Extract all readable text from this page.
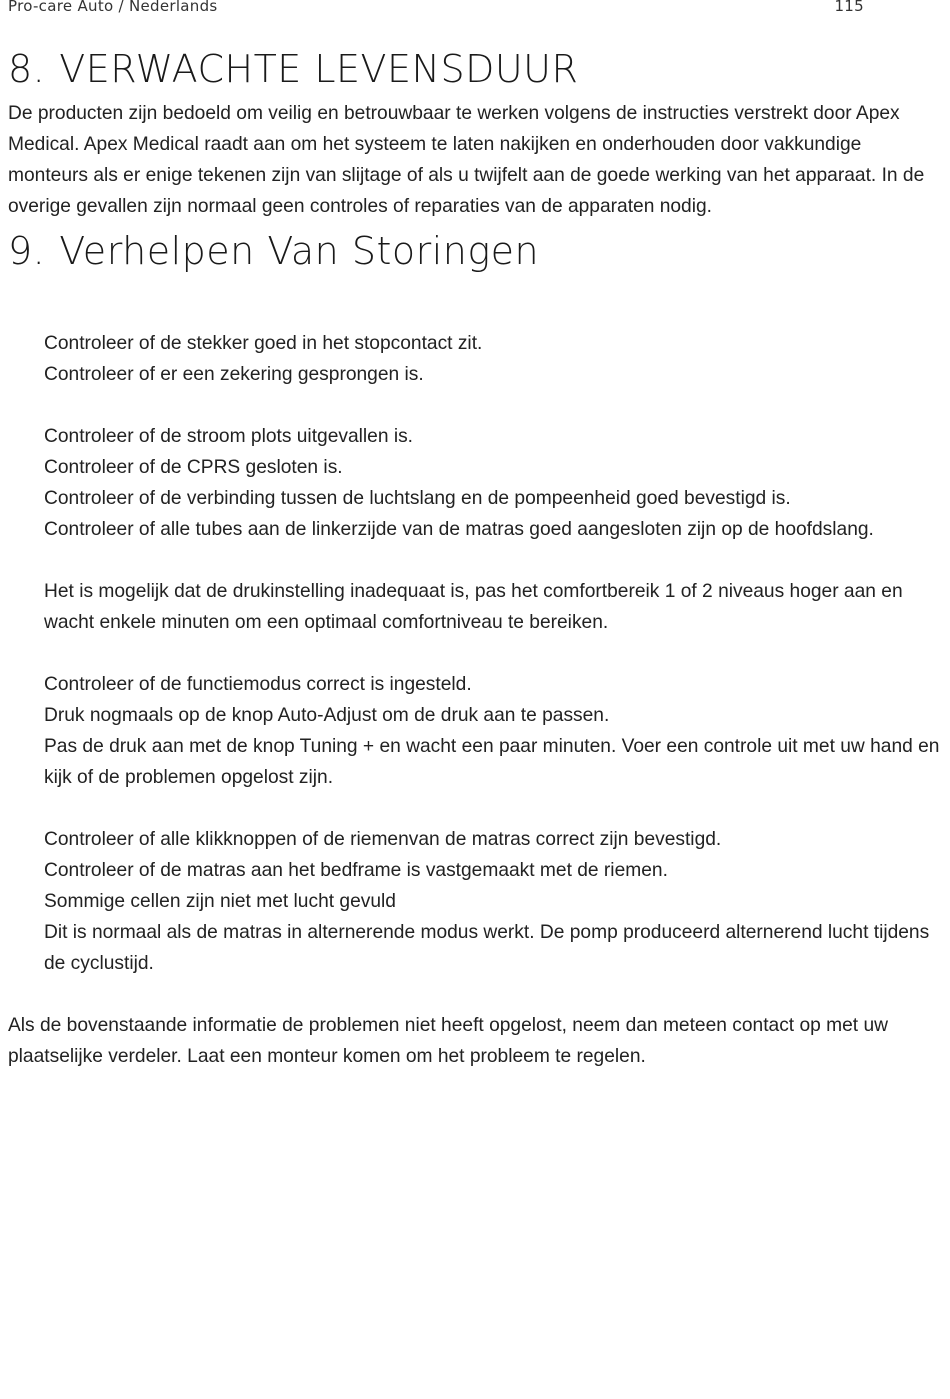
Pro-care Auto / Nederlands	115
8. VERWACHTE LEVENSDUUR

De producten zijn bedoeld om veilig en betrouwbaar te werken volgens de instructies verstrekt door Apex Medical. Apex Medical raadt aan om het systeem te laten nakijken en onderhouden door vakkundige monteurs als er enige tekenen zijn van slijtage of als u twijfelt aan de goede werking van het apparaat. In de overige gevallen zijn normaal geen controles of reparaties van de apparaten nodig.

9. Verhelpen Van Storingen

Controleer of de stekker goed in het stopcontact zit.

Controleer of er een zekering gesprongen is.

Controleer of de stroom plots uitgevallen is.

Controleer of de CPRS gesloten is.

Controleer of de verbinding tussen de luchtslang en de pompeenheid goed bevestigd is.

Controleer of alle tubes aan de linkerzijde van de matras goed aangesloten zijn op de hoofdslang.

Het is mogelijk dat de drukinstelling inadequaat is, pas het comfortbereik 1 of 2 niveaus hoger aan en wacht enkele minuten om een optimaal comfortniveau te bereiken.

Controleer of de functiemodus correct is ingesteld.

Druk nogmaals op de knop Auto-Adjust om de druk aan te passen.

Pas de druk aan met de knop Tuning + en wacht een paar minuten. Voer een controle uit met uw hand en kijk of de problemen opgelost zijn.

Controleer of alle klikknoppen of de riemenvan de matras correct zijn bevestigd.

Controleer of de matras aan het bedframe is vastgemaakt met de riemen.

Sommige cellen zijn niet met lucht gevuld

Dit is normaal als de matras in alternerende modus werkt. De pomp produceerd alternerend lucht tijdens de cyclustijd.

Als de bovenstaande informatie de problemen niet heeft opgelost, neem dan meteen contact op met uw plaatselijke verdeler. Laat een monteur komen om het probleem te regelen.
